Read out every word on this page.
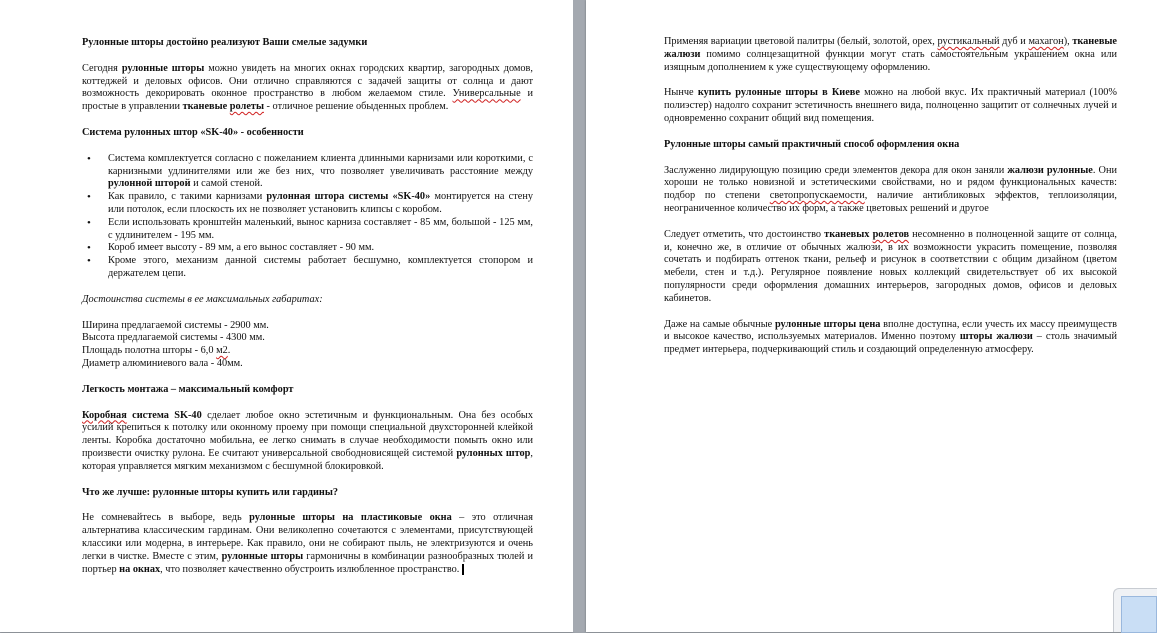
Рулонные шторы достойно реализуют Ваши смелые задумки

Сегодня рулонные шторы можно увидеть на многих окнах городских квартир, загородных домов, коттеджей и деловых офисов. Они отлично справляются с задачей защиты от солнца и дают возможность декорировать оконное пространство в любом желаемом стиле. Универсальные и простые в управлении тканевые ролеты - отличное решение обыденных проблем.

Система рулонных штор «SK-40» - особенности
• Система комплектуется согласно с пожеланием клиента длинными карнизами или короткими, с карнизными удлинителями или же без них, что позволяет увеличивать расстояние между рулонной шторой и самой стеной.
• Как правило, с такими карнизами рулонная штора системы «SK-40» монтируется на стену или потолок, если плоскость их не позволяет установить клипсы с коробом.
• Если использовать кронштейн маленький, вынос карниза составляет - 85 мм, большой - 125 мм, с удлинителем - 195 мм.
• Короб имеет высоту - 89 мм, а его вынос составляет - 90 мм.
• Кроме этого, механизм данной системы работает бесшумно, комплектуется стопором и держателем цепи.
Достоинства системы в ее максимальных габаритах:
Ширина предлагаемой системы - 2900 мм.
Высота предлагаемой системы - 4300 мм.
Площадь полотна шторы - 6,0 м2.
Диаметр алюминиевого вала - 40мм.
Легкость монтажа – максимальный комфорт

Коробная система SK-40 сделает любое окно эстетичным и функциональным. Она без особых усилий крепиться к потолку или оконному проему при помощи специальной двухсторонней клейкой ленты. Коробка достаточно мобильна, ее легко снимать в случае необходимости помыть окно или произвести очистку рулона. Ее считают универсальной свободновисящей системой рулонных штор, которая управляется мягким механизмом с бесшумной блокировкой.

Что же лучше: рулонные шторы купить или гардины?

Не сомневайтесь в выборе, ведь рулонные шторы на пластиковые окна – это отличная альтернатива классическим гардинам. Они великолепно сочетаются с элементами, присутствующей классики или модерна, в интерьере. Как правило, они не собирают пыль, не электризуются и очень легки в чистке. Вместе с этим, рулонные шторы гармоничны в комбинации разнообразных тюлей и портьер на окнах, что позволяет качественно обустроить излюбленное пространство.

Применяя вариации цветовой палитры (белый, золотой, орех, рустикальный дуб и махагон), тканевые жалюзи помимо солнцезащитной функции могут стать самостоятельным украшением окна или изящным дополнением к уже существующему оформлению.

Нынче купить рулонные шторы в Киеве можно на любой вкус. Их практичный материал (100% полиэстер) надолго сохранит эстетичность внешнего вида, полноценно защитит от солнечных лучей и одновременно сохранит общий вид помещения.

Рулонные шторы самый практичный способ оформления окна

Заслуженно лидирующую позицию среди элементов декора для окон заняли жалюзи рулонные. Они хороши не только новизной и эстетическими свойствами, но и рядом функциональных качеств: подбор по степени светопропускаемости, наличие антибликовых эффектов, теплоизоляции, неограниченное количество их форм, а также цветовых решений и другое

Следует отметить, что достоинство тканевых ролетов несомненно в полноценной защите от солнца, и, конечно же, в отличие от обычных жалюзи, в их возможности украсить помещение, позволяя сочетать и подбирать оттенок ткани, рельеф и рисунок в соответствии с общим дизайном (цветом мебели, стен и т.д.). Регулярное появление новых коллекций свидетельствует об их высокой популярности среди оформления домашних интерьеров, загородных домов, офисов и деловых кабинетов.

Даже на самые обычные рулонные шторы цена вполне доступна, если учесть их массу преимуществ и высокое качество, используемых материалов. Именно поэтому шторы жалюзи – столь значимый предмет интерьера, подчеркивающий стиль и создающий определенную атмосферу.
